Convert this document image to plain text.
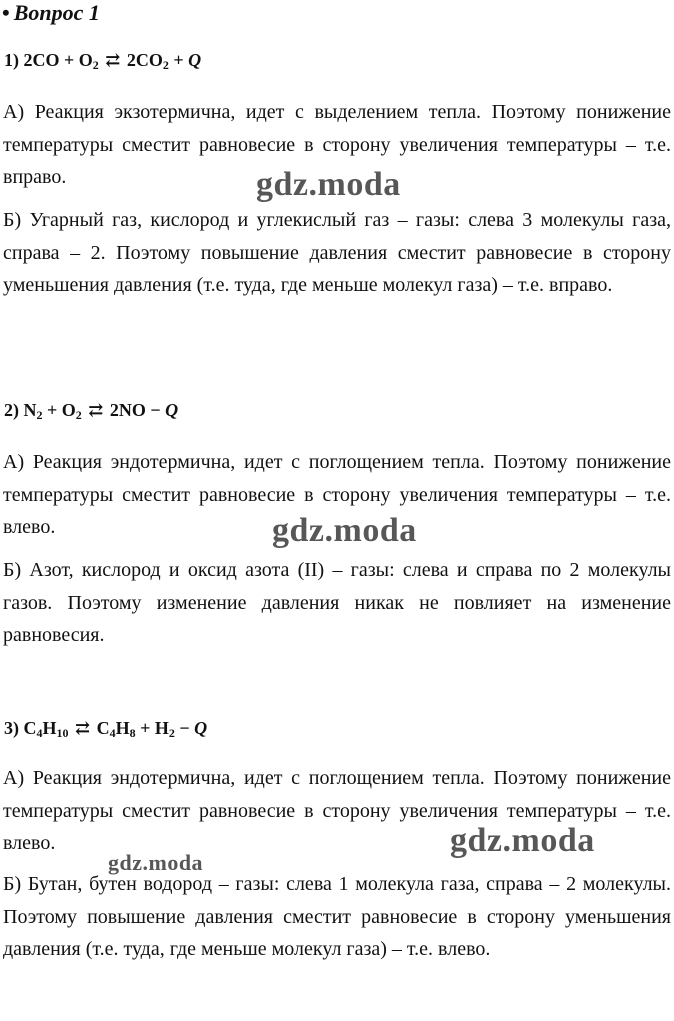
• Вопрос 1
1) $2CO + O_2$ ⇄ $2CO_2 + Q$

А) Реакция экзотермична, идет с выделением тепла. Поэтому понижение температуры сместит равновесие в сторону увеличения температуры – т.е. вправо.

Б) Угарный газ, кислород и углекислый газ – газы: слева 3 молекулы газа, справа – 2. Поэтому повышение давления сместит равновесие в сторону уменьшения давления (т.е. туда, где меньше молекул газа) – т.е. вправо.

2) $N_2 + O_2$ ⇄ 2NO − Q

А) Реакция эндотермична, идет с поглощением тепла. Поэтому понижение температуры сместит равновесие в сторону увеличения температуры – т.е. влево.

Б) Азот, кислород и оксид азота (II) – газы: слева и справа по 2 молекулы газов. Поэтому изменение давления никак не повлияет на изменение равновесия.

3) $C_4H_{10}$ ⇄ $C_4H_8 + H_2 - Q$

А) Реакция эндотермична, идет с поглощением тепла. Поэтому понижение температуры сместит равновесие в сторону увеличения температуры – т.е. влево.

Б) Бутан, бутен водород – газы: слева 1 молекула газа, справа – 2 молекулы. Поэтому повышение давления сместит равновесие в сторону уменьшения давления (т.е. туда, где меньше молекул газа) – т.е. влево.

gdz.moda
gdz.moda
gdz.moda
gdz.moda
